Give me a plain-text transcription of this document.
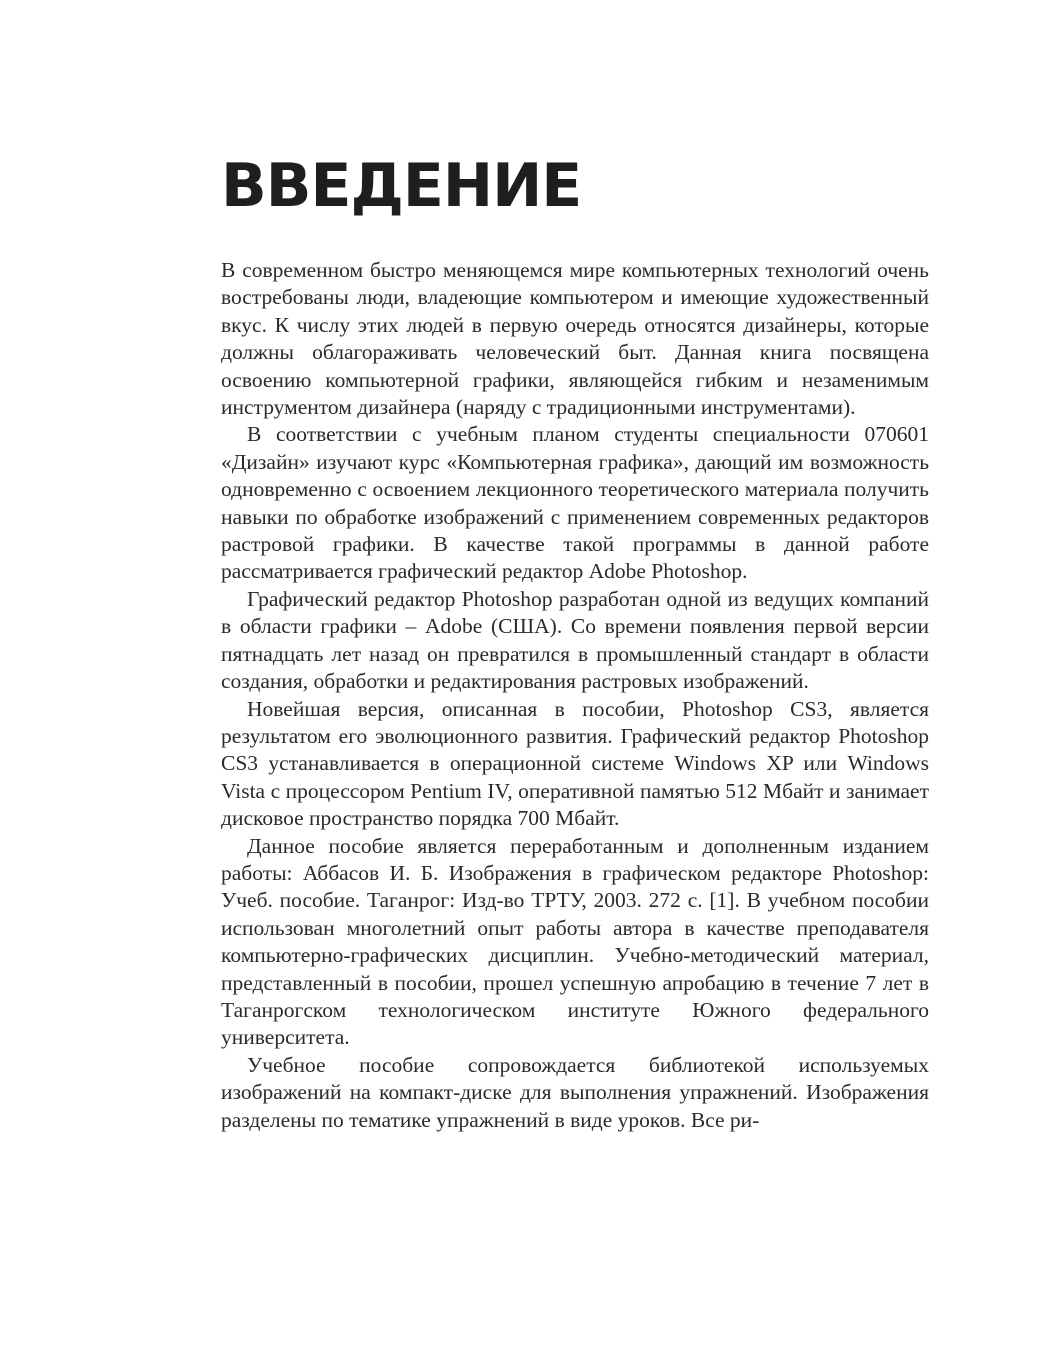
ВВЕДЕНИЕ

В современном быстро меняющемся мире компьютерных технологий очень востребованы люди, владеющие компьютером и имеющие художественный вкус. К числу этих людей в первую очередь относятся дизайнеры, которые должны облагораживать человеческий быт. Данная книга посвящена освоению компьютерной графики, являющейся гибким и незаменимым инструментом дизайнера (наряду с традиционными инструментами).

В соответствии с учебным планом студенты специальности 070601 «Дизайн» изучают курс «Компьютерная графика», дающий им возможность одновременно с освоением лекционного теоретического материала получить навыки по обработке изображений с применением современных редакторов растровой графики. В качестве такой программы в данной работе рассматривается графический редактор Adobe Photoshop.

Графический редактор Photoshop разработан одной из ведущих компаний в области графики – Adobe (США). Со времени появления первой версии пятнадцать лет назад он превратился в промышленный стандарт в области создания, обработки и редактирования растровых изображений.

Новейшая версия, описанная в пособии, Photoshop CS3, является результатом его эволюционного развития. Графический редактор Photoshop CS3 устанавливается в операционной системе Windows XP или Windows Vista с процессором Pentium IV, оперативной памятью 512 Мбайт и занимает дисковое пространство порядка 700 Мбайт.

Данное пособие является переработанным и дополненным изданием работы: Аббасов И. Б. Изображения в графическом редакторе Photoshop: Учеб. пособие. Таганрог: Изд-во ТРТУ, 2003. 272 с. [1]. В учебном пособии использован многолетний опыт работы автора в качестве преподавателя компьютерно-графических дисциплин. Учебно-методический материал, представленный в пособии, прошел успешную апробацию в течение 7 лет в Таганрогском технологическом институте Южного федерального университета.

Учебное пособие сопровождается библиотекой используемых изображений на компакт-диске для выполнения упражнений. Изображения разделены по тематике упражнений в виде уроков. Все ри-
